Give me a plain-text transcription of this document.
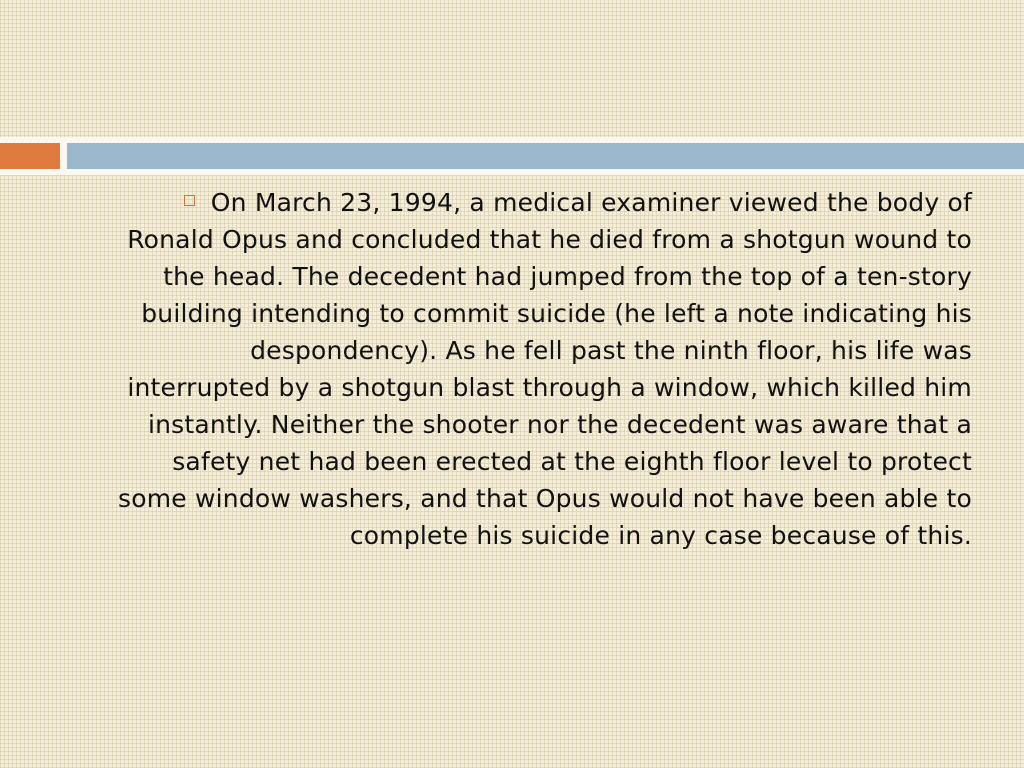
On March 23, 1994, a medical examiner viewed the body of Ronald Opus and concluded that he died from a shotgun wound to the head. The decedent had jumped from the top of a ten-story building intending to commit suicide (he left a note indicating his despondency). As he fell past the ninth floor, his life was interrupted by a shotgun blast through a window, which killed him instantly. Neither the shooter nor the decedent was aware that a safety net had been erected at the eighth floor level to protect some window washers, and that Opus would not have been able to complete his suicide in any case because of this.
